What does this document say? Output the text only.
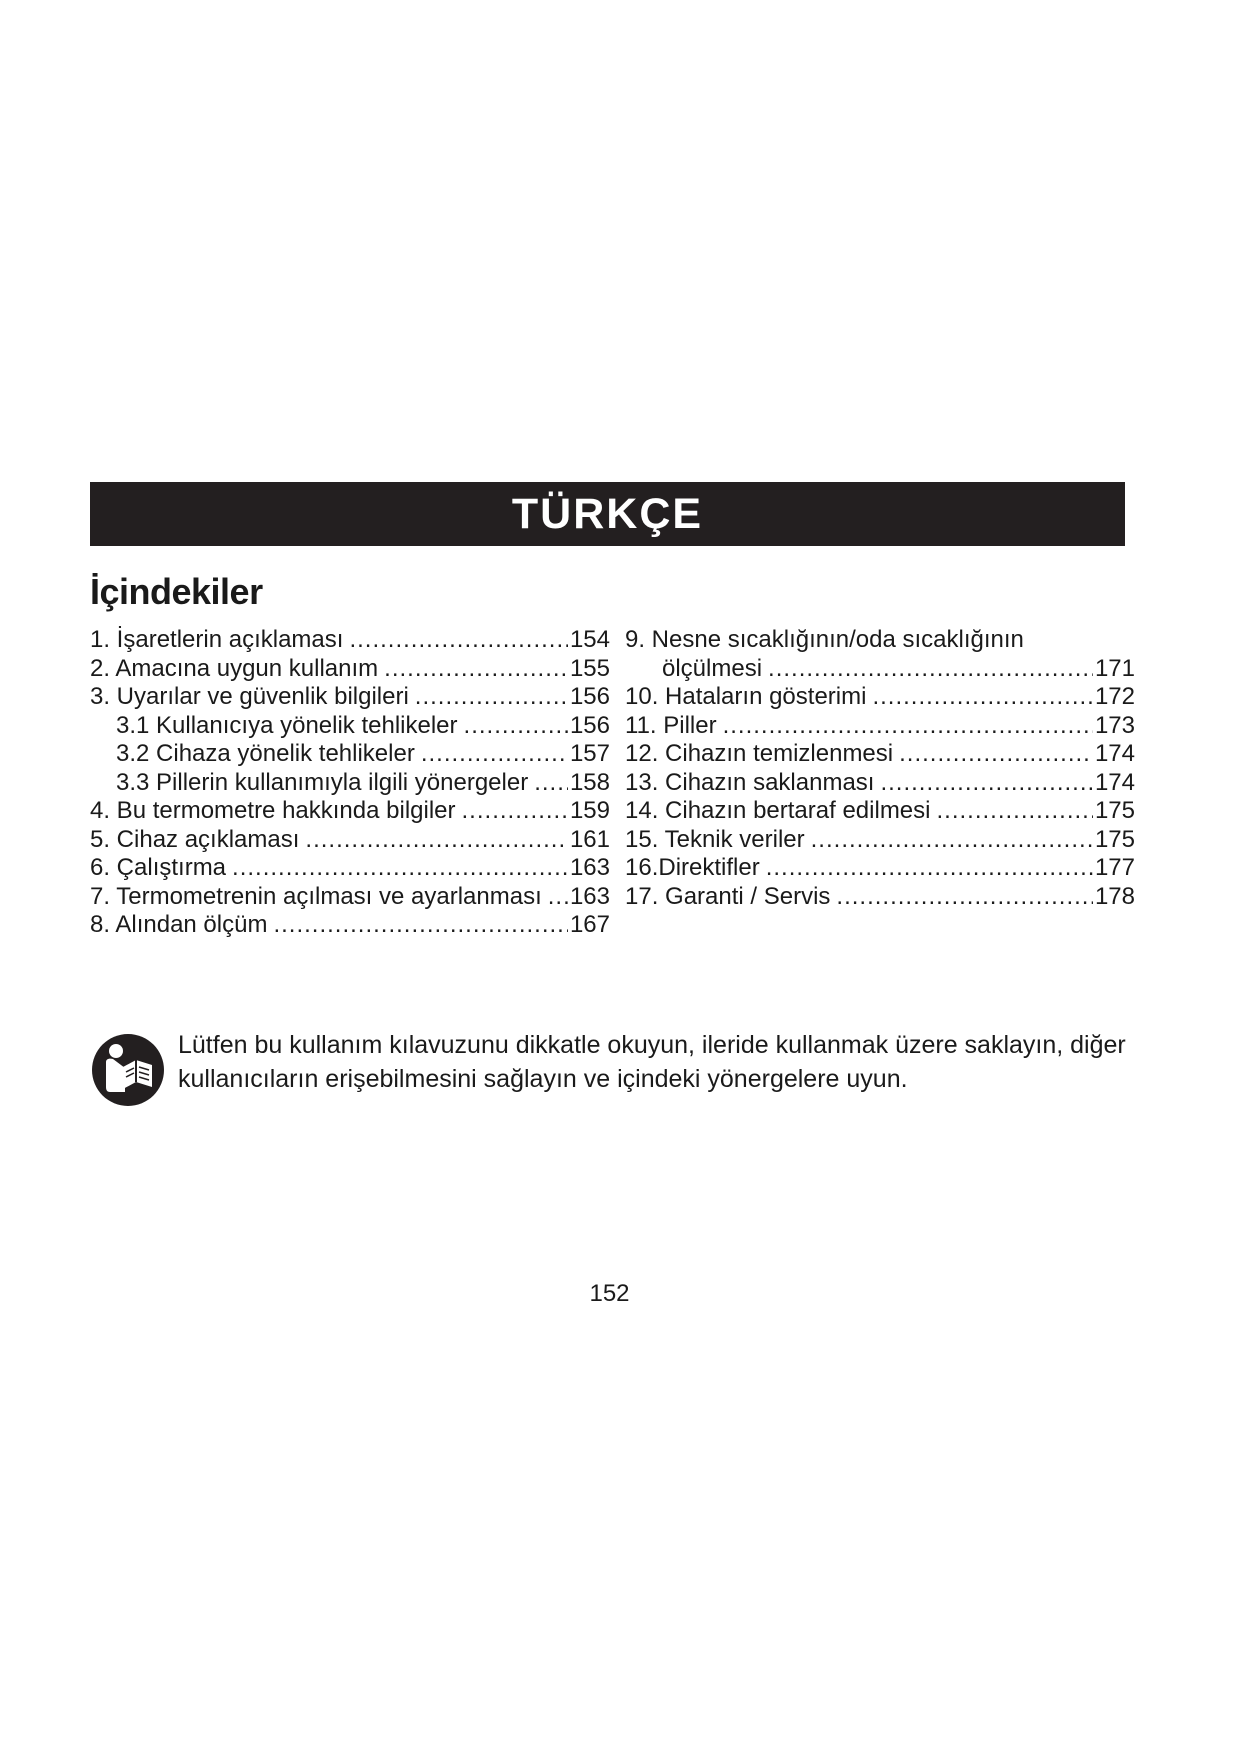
TÜRKÇE
İçindekiler
1. İşaretlerin açıklaması .....	154
2. Amacına uygun kullanım .....	155
3. Uyarılar ve güvenlik bilgileri .....	156
3.1 Kullanıcıya yönelik tehlikeler .....	156
3.2 Cihaza yönelik tehlikeler .....	157
3.3 Pillerin kullanımıyla ilgili yönergeler ..... 158
4. Bu termometre hakkında bilgiler .....	159
5. Cihaz açıklaması .....	161
6. Çalıştırma .....	163
7. Termometrenin açılması ve ayarlanması ..... 163
8. Alından ölçüm .....	167
9. Nesne sıcaklığının/oda sıcaklığının
ölçülmesi .....	171
10. Hataların gösterimi .....	172
11. Piller .....	173
12. Cihazın temizlenmesi .....	174
13. Cihazın saklanması .....	174
14. Cihazın bertaraf edilmesi .....	175
15. Teknik veriler .....	175
16.Direktifler .....	177
17. Garanti / Servis .....	178
Lütfen bu kullanım kılavuzunu dikkatle okuyun, ileride kullanmak üzere saklayın, diğer
kullanıcıların erişebilmesini sağlayın ve içindeki yönergelere uyun.
152
